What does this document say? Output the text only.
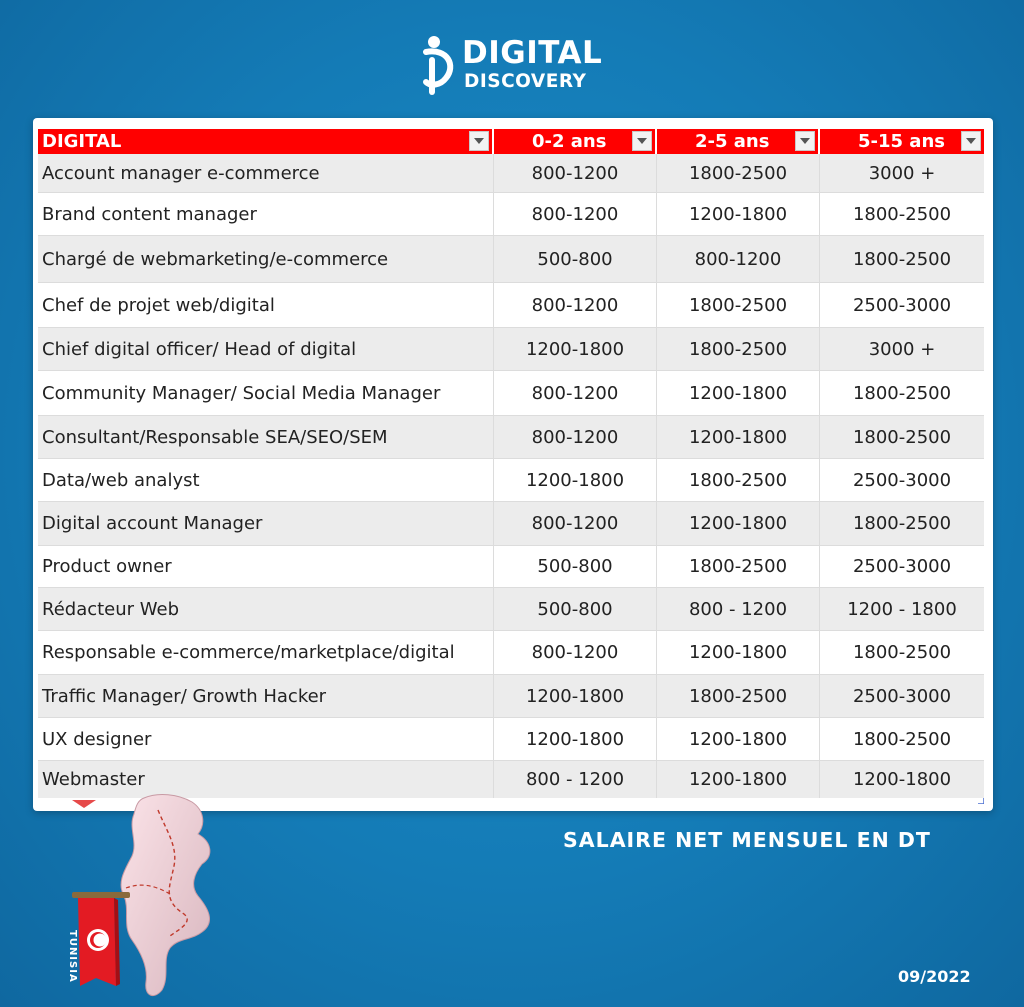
DIGITAL
DISCOVERY
DIGITAL	0-2 ans	2-5 ans	5-15 ans
Account manager e-commerce	800-1200	1800-2500	3000 +
Brand content manager	800-1200	1200-1800	1800-2500
Chargé de webmarketing/e-commerce	500-800	800-1200	1800-2500
Chef de projet web/digital	800-1200	1800-2500	2500-3000
Chief digital officer/ Head of digital	1200-1800	1800-2500	3000 +
Community Manager/ Social Media Manager	800-1200	1200-1800	1800-2500
Consultant/Responsable SEA/SEO/SEM	800-1200	1200-1800	1800-2500
Data/web analyst	1200-1800	1800-2500	2500-3000
Digital account Manager	800-1200	1200-1800	1800-2500
Product owner	500-800	1800-2500	2500-3000
Rédacteur Web	500-800	800 - 1200	1200 - 1800
Responsable e-commerce/marketplace/digital	800-1200	1200-1800	1800-2500
Traffic Manager/ Growth Hacker	1200-1800	1800-2500	2500-3000
UX designer	1200-1800	1200-1800	1800-2500
Webmaster	800 - 1200	1200-1800	1200-1800
TUNISIA
SALAIRE NET MENSUEL EN DT
09/2022
